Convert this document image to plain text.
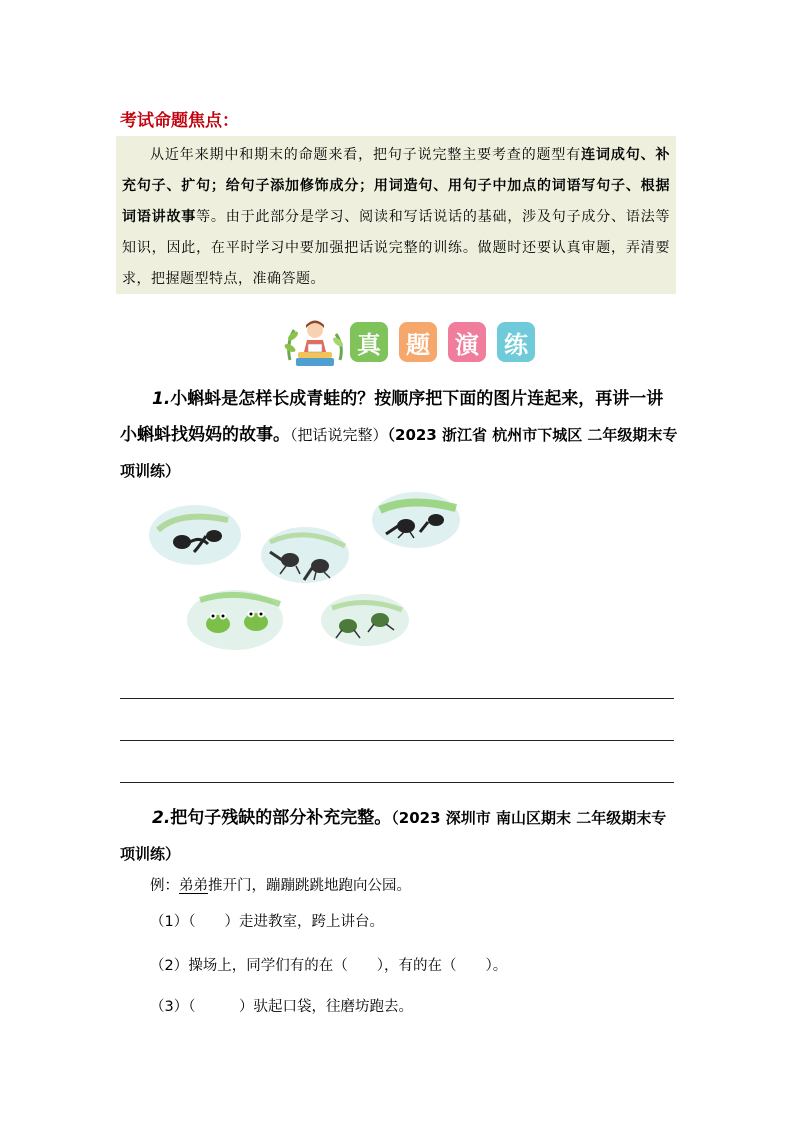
考试命题焦点：

从近年来期中和期末的命题来看，把句子说完整主要考查的题型有连词成句、补充句子、扩句；给句子添加修饰成分；用词造句、用句子中加点的词语写句子、根据词语讲故事等。由于此部分是学习、阅读和写话说话的基础，涉及句子成分、语法等知识，因此，在平时学习中要加强把话说完整的训练。做题时还要认真审题，弄清要求，把握题型特点，准确答题。

真 题 演 练
1.小蝌蚪是怎样长成青蛙的？按顺序把下面的图片连起来，再讲一讲小蝌蚪找妈妈的故事。（把话说完整）（2023 浙江省 杭州市下城区 二年级期末专项训练）
2.把句子残缺的部分补充完整。（2023 深圳市 南山区期末 二年级期末专项训练）
例：弟弟推开门，蹦蹦跳跳地跑向公园。
（1）（　　）走进教室，跨上讲台。
（2）操场上，同学们有的在（　　），有的在（　　）。
（3）（　　　）驮起口袋，往磨坊跑去。
